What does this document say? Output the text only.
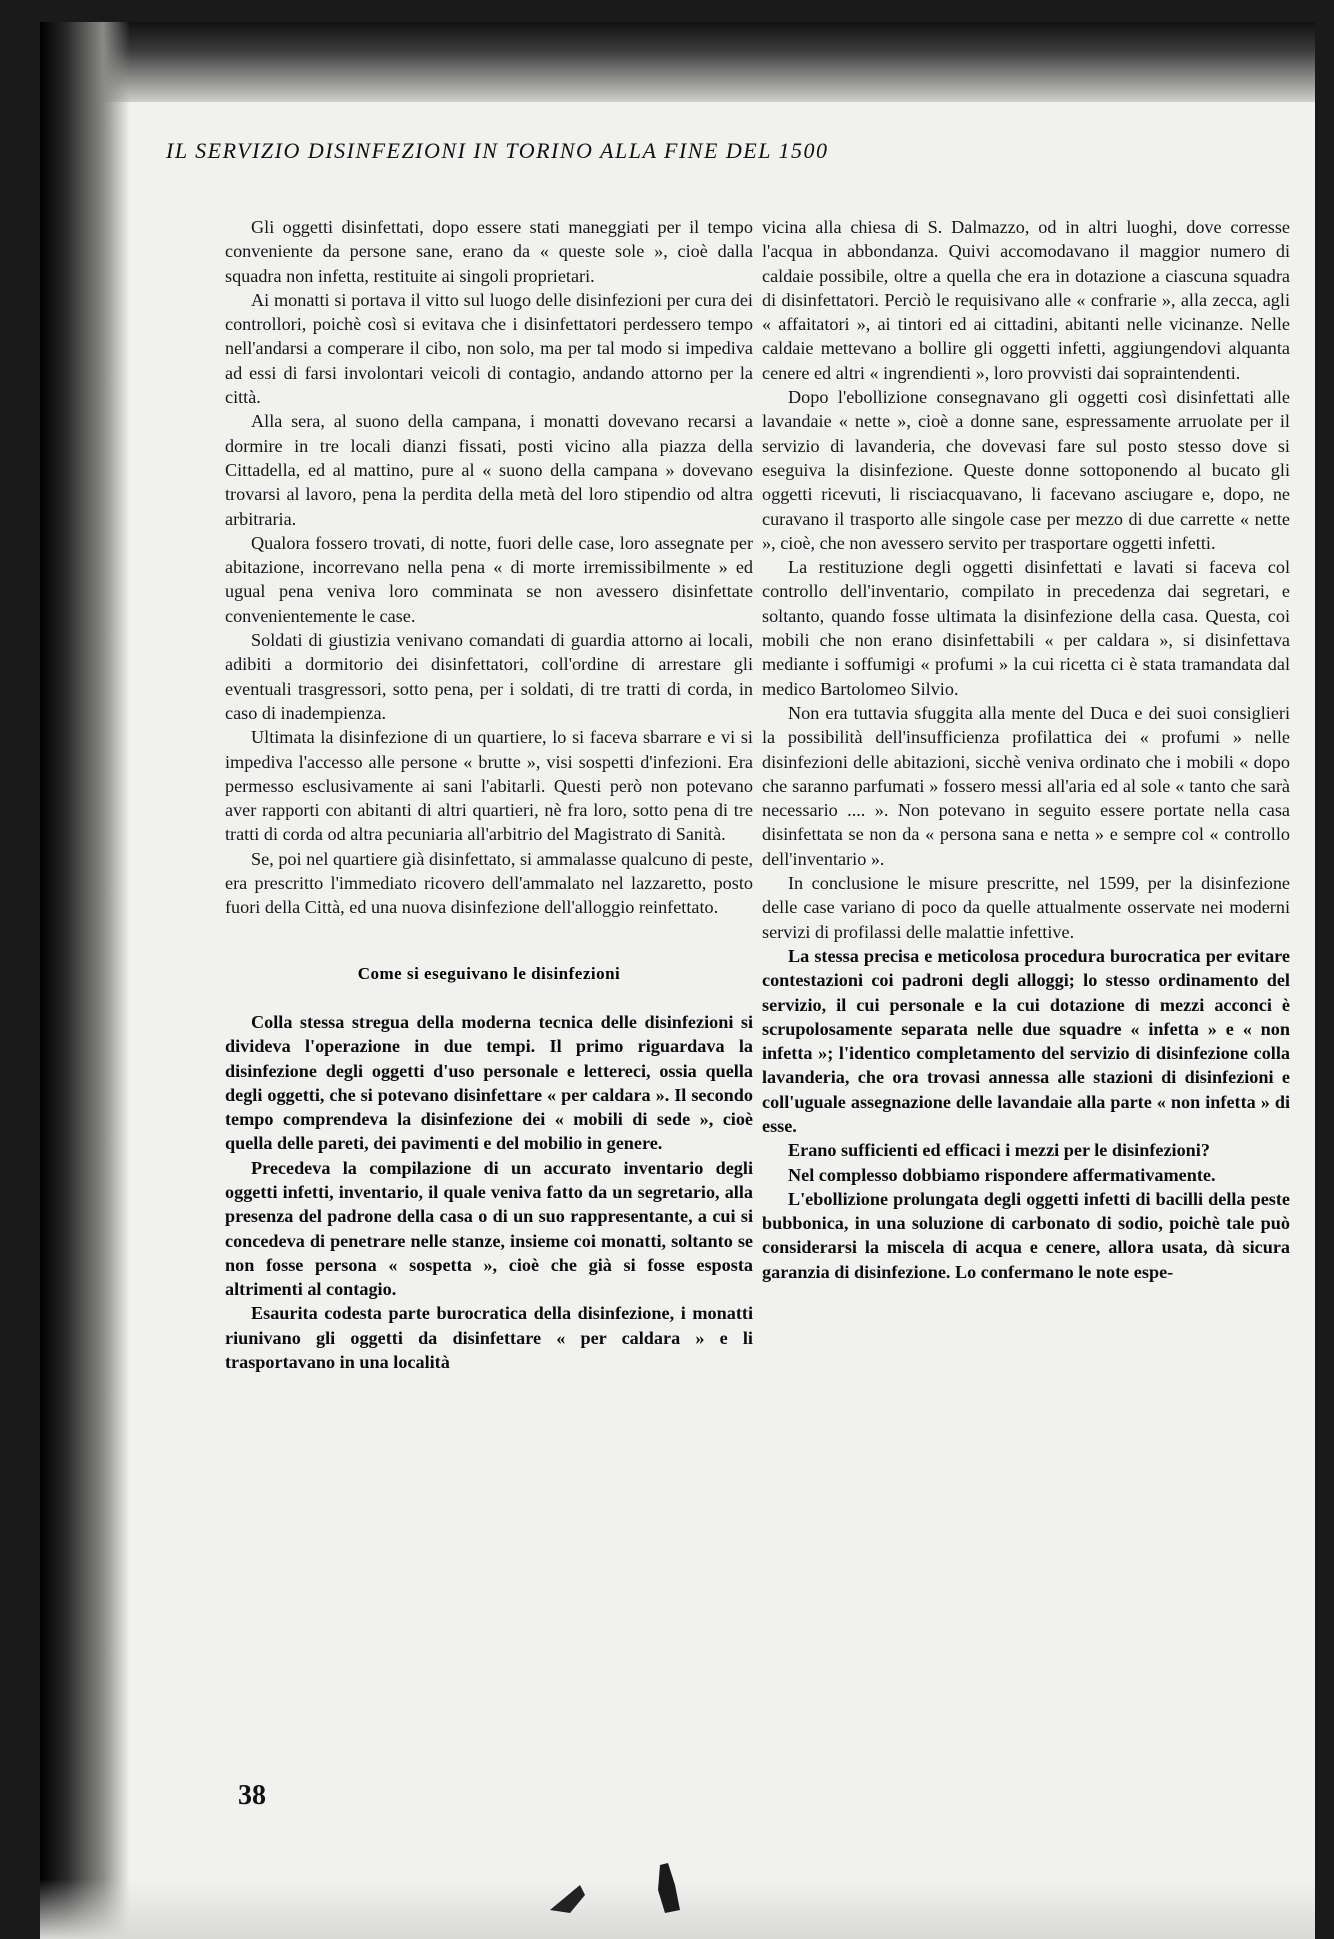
IL SERVIZIO DISINFEZIONI IN TORINO ALLA FINE DEL 1500

Gli oggetti disinfettati, dopo essere stati maneggiati per il tempo conveniente da persone sane, erano da « queste sole », cioè dalla squadra non infetta, restituite ai singoli proprietari.

Ai monatti si portava il vitto sul luogo delle disinfezioni per cura dei controllori, poichè così si evitava che i disinfettatori perdessero tempo nell'andarsi a comperare il cibo, non solo, ma per tal modo si impediva ad essi di farsi involontari veicoli di contagio, andando attorno per la città.

Alla sera, al suono della campana, i monatti dovevano recarsi a dormire in tre locali dianzi fissati, posti vicino alla piazza della Cittadella, ed al mattino, pure al « suono della campana » dovevano trovarsi al lavoro, pena la perdita della metà del loro stipendio od altra arbitraria.

Qualora fossero trovati, di notte, fuori delle case, loro assegnate per abitazione, incorrevano nella pena « di morte irremissibilmente » ed ugual pena veniva loro comminata se non avessero disinfettate convenientemente le case.

Soldati di giustizia venivano comandati di guardia attorno ai locali, adibiti a dormitorio dei disinfettatori, coll'ordine di arrestare gli eventuali trasgressori, sotto pena, per i soldati, di tre tratti di corda, in caso di inadempienza.

Ultimata la disinfezione di un quartiere, lo si faceva sbarrare e vi si impediva l'accesso alle persone « brutte », visi sospetti d'infezioni. Era permesso esclusivamente ai sani l'abitarli. Questi però non potevano aver rapporti con abitanti di altri quartieri, nè fra loro, sotto pena di tre tratti di corda od altra pecuniaria all'arbitrio del Magistrato di Sanità.

Se, poi nel quartiere già disinfettato, si ammalasse qualcuno di peste, era prescritto l'immediato ricovero dell'ammalato nel lazzaretto, posto fuori della Città, ed una nuova disinfezione dell'alloggio reinfettato.

Come si eseguivano le disinfezioni

Colla stessa stregua della moderna tecnica delle disinfezioni si divideva l'operazione in due tempi. Il primo riguardava la disinfezione degli oggetti d'uso personale e lettereci, ossia quella degli oggetti, che si potevano disinfettare « per caldara ». Il secondo tempo comprendeva la disinfezione dei « mobili di sede », cioè quella delle pareti, dei pavimenti e del mobilio in genere.

Precedeva la compilazione di un accurato inventario degli oggetti infetti, inventario, il quale veniva fatto da un segretario, alla presenza del padrone della casa o di un suo rappresentante, a cui si concedeva di penetrare nelle stanze, insieme coi monatti, soltanto se non fosse persona « sospetta », cioè che già si fosse esposta altrimenti al contagio.

Esaurita codesta parte burocratica della disinfezione, i monatti riunivano gli oggetti da disinfettare « per caldara » e li trasportavano in una località

vicina alla chiesa di S. Dalmazzo, od in altri luoghi, dove corresse l'acqua in abbondanza. Quivi accomodavano il maggior numero di caldaie possibile, oltre a quella che era in dotazione a ciascuna squadra di disinfettatori. Perciò le requisivano alle « confrarie », alla zecca, agli « affaitatori », ai tintori ed ai cittadini, abitanti nelle vicinanze. Nelle caldaie mettevano a bollire gli oggetti infetti, aggiungendovi alquanta cenere ed altri « ingrendienti », loro provvisti dai sopraintendenti.

Dopo l'ebollizione consegnavano gli oggetti così disinfettati alle lavandaie « nette », cioè a donne sane, espressamente arruolate per il servizio di lavanderia, che dovevasi fare sul posto stesso dove si eseguiva la disinfezione. Queste donne sottoponendo al bucato gli oggetti ricevuti, li risciacquavano, li facevano asciugare e, dopo, ne curavano il trasporto alle singole case per mezzo di due carrette « nette », cioè, che non avessero servito per trasportare oggetti infetti.

La restituzione degli oggetti disinfettati e lavati si faceva col controllo dell'inventario, compilato in precedenza dai segretari, e soltanto, quando fosse ultimata la disinfezione della casa. Questa, coi mobili che non erano disinfettabili « per caldara », si disinfettava mediante i soffumigi « profumi » la cui ricetta ci è stata tramandata dal medico Bartolomeo Silvio.

Non era tuttavia sfuggita alla mente del Duca e dei suoi consiglieri la possibilità dell'insufficienza profilattica dei « profumi » nelle disinfezioni delle abitazioni, sicchè veniva ordinato che i mobili « dopo che saranno parfumati » fossero messi all'aria ed al sole « tanto che sarà necessario .... ». Non potevano in seguito essere portate nella casa disinfettata se non da « persona sana e netta » e sempre col « controllo dell'inventario ».

In conclusione le misure prescritte, nel 1599, per la disinfezione delle case variano di poco da quelle attualmente osservate nei moderni servizi di profilassi delle malattie infettive.

La stessa precisa e meticolosa procedura burocratica per evitare contestazioni coi padroni degli alloggi; lo stesso ordinamento del servizio, il cui personale e la cui dotazione di mezzi acconci è scrupolosamente separata nelle due squadre « infetta » e « non infetta »; l'identico completamento del servizio di disinfezione colla lavanderia, che ora trovasi annessa alle stazioni di disinfezioni e coll'uguale assegnazione delle lavandaie alla parte « non infetta » di esse.

Erano sufficienti ed efficaci i mezzi per le disinfezioni?

Nel complesso dobbiamo rispondere affermativamente.

L'ebollizione prolungata degli oggetti infetti di bacilli della peste bubbonica, in una soluzione di carbonato di sodio, poichè tale può considerarsi la miscela di acqua e cenere, allora usata, dà sicura garanzia di disinfezione. Lo confermano le note espe-

38
